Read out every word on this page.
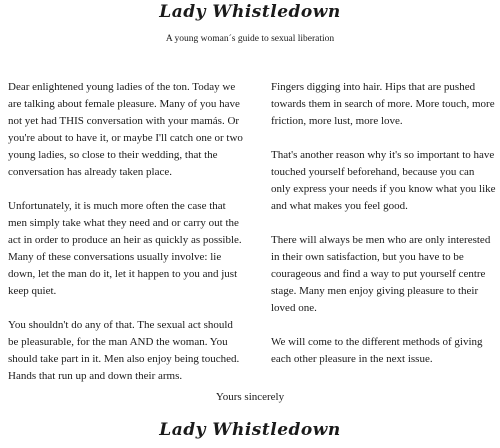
Lady Whistledown
A young woman´s guide to sexual liberation

Dear enlightened young ladies of the ton. Today we are talking about female pleasure. Many of you have not yet had THIS conversation with your mamás. Or you're about to have it, or maybe I'll catch one or two young ladies, so close to their wedding, that the conversation has already taken place.

Unfortunately, it is much more often the case that men simply take what they need and or carry out the act in order to produce an heir as quickly as possible. Many of these conversations usually involve: lie down, let the man do it, let it happen to you and just keep quiet.

You shouldn't do any of that. The sexual act should be pleasurable, for the man AND the woman. You should take part in it. Men also enjoy being touched. Hands that run up and down their arms.

Fingers digging into hair. Hips that are pushed towards them in search of more. More touch, more friction, more lust, more love.

That's another reason why it's so important to have touched yourself beforehand, because you can only express your needs if you know what you like and what makes you feel good.

There will always be men who are only interested in their own satisfaction, but you have to be courageous and find a way to put yourself centre stage. Many men enjoy giving pleasure to their loved one.

We will come to the different methods of giving each other pleasure in the next issue.

Yours sincerely
Lady Whistledown
